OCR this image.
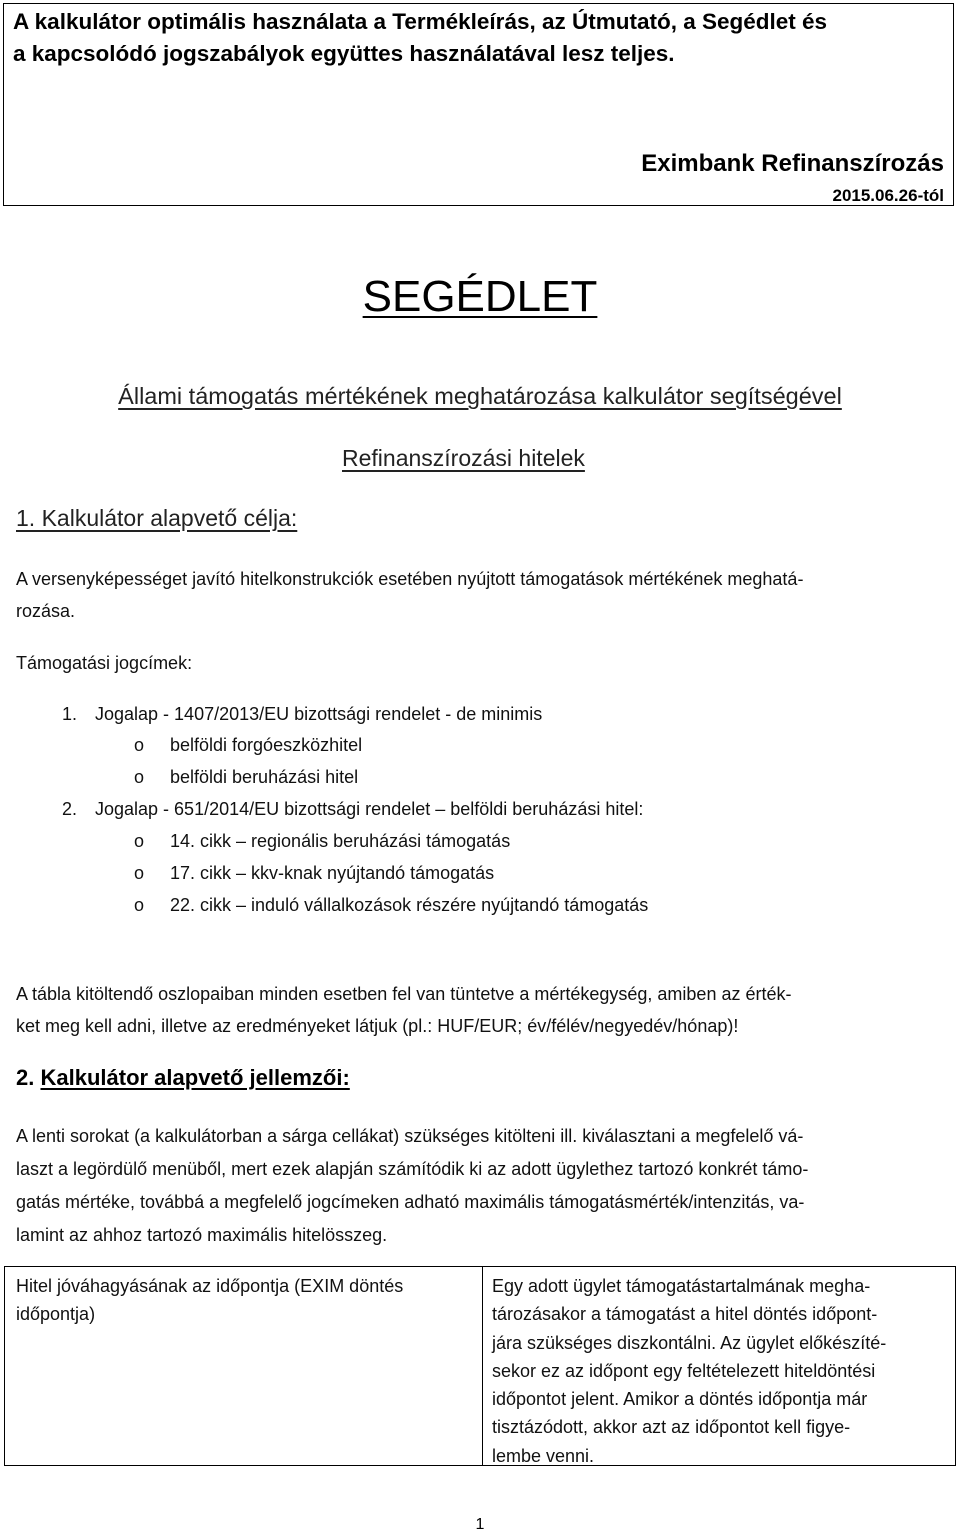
A kalkulátor optimális használata a Termékleírás, az Útmutató, a Segédlet és
a kapcsolódó jogszabályok együttes használatával lesz teljes.
Eximbank Refinanszírozás
2015.06.26-tól
SEGÉDLET
Állami támogatás mértékének meghatározása kalkulátor segítségével
Refinanszírozási hitelek
1. Kalkulátor alapvető célja:
A versenyképességet javító hitelkonstrukciók esetében nyújtott támogatások mértékének meghatá-
rozása.
Támogatási jogcímek:
1. Jogalap - 1407/2013/EU bizottsági rendelet - de minimis
o belföldi forgóeszközhitel
o belföldi beruházási hitel
2. Jogalap - 651/2014/EU bizottsági rendelet – belföldi beruházási hitel:
o 14. cikk – regionális beruházási támogatás
o 17. cikk – kkv-knak nyújtandó támogatás
o 22. cikk – induló vállalkozások részére nyújtandó támogatás
A tábla kitöltendő oszlopaiban minden esetben fel van tüntetve a mértékegység, amiben az érték-
ket meg kell adni, illetve az eredményeket látjuk (pl.: HUF/EUR; év/félév/negyedév/hónap)!
2. Kalkulátor alapvető jellemzői:
A lenti sorokat (a kalkulátorban a sárga cellákat) szükséges kitölteni ill. kiválasztani a megfelelő vá-
laszt a legördülő menüből, mert ezek alapján számítódik ki az adott ügylethez tartozó konkrét támo-
gatás mértéke, továbbá a megfelelő jogcímeken adható maximális támogatásmérték/intenzitás, va-
lamint az ahhoz tartozó maximális hitelösszeg.
Hitel jóváhagyásának az időpontja (EXIM döntés
időpontja)
Egy adott ügylet támogatástartalmának megha-
tározásakor a támogatást a hitel döntés időpont-
jára szükséges diszkontálni. Az ügylet előkészíté-
sekor ez az időpont egy feltételezett hiteldöntési
időpontot jelent. Amikor a döntés időpontja már
tisztázódott, akkor azt az időpontot kell figye-
lembe venni.
1
